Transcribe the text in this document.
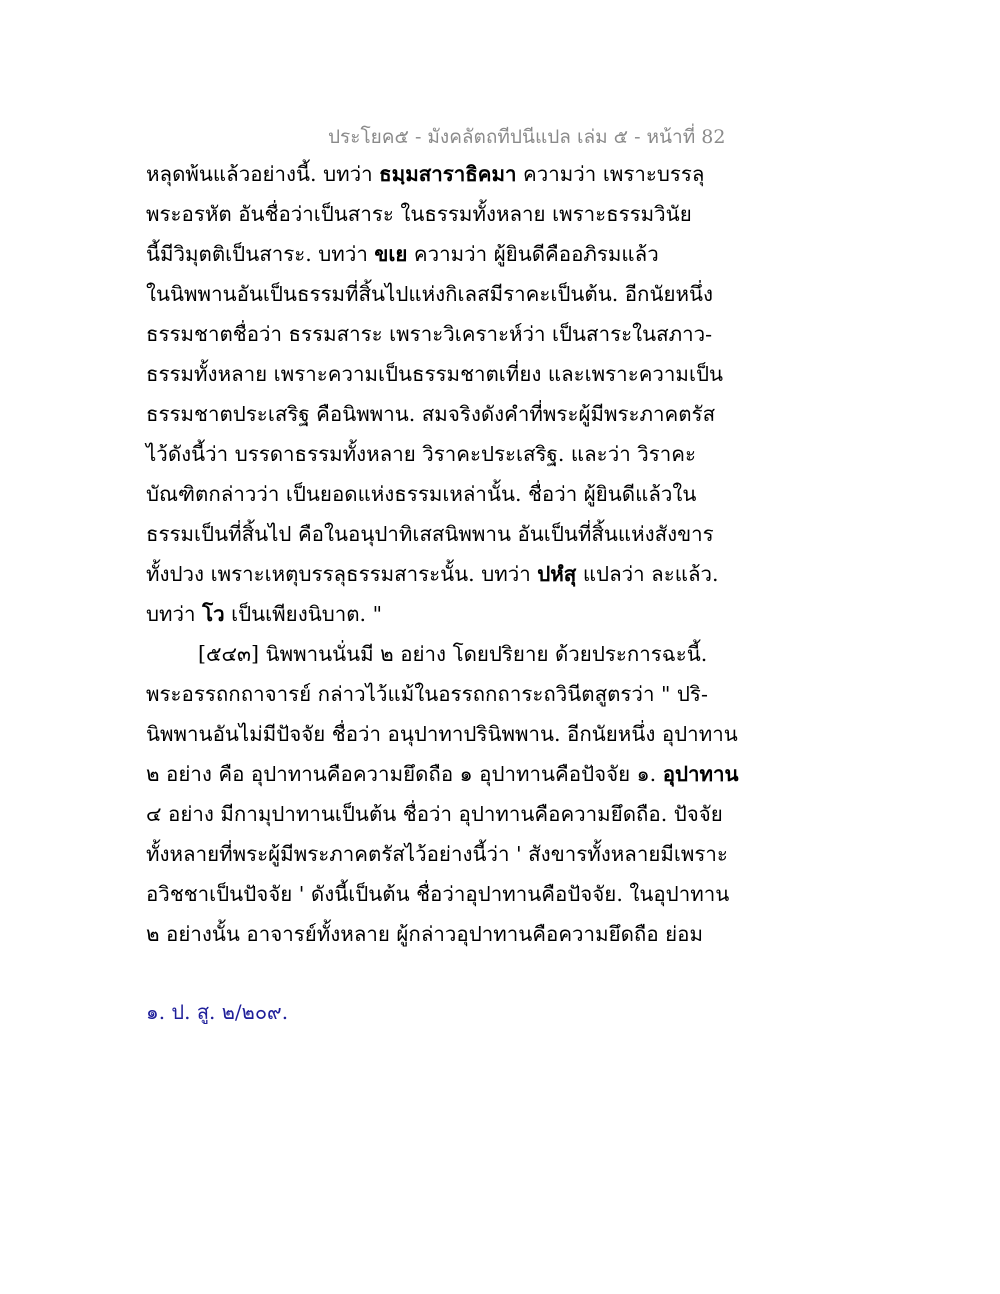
ประโยค๕ - มังคลัตถทีปนีแปล เล่ม ๕ - หน้าที่ 82
หลุดพ้นแล้วอย่างนี้. บทว่า ธมฺมสาราธิคมา ความว่า เพราะบรรลุ
พระอรหัต อันชื่อว่าเป็นสาระ ในธรรมทั้งหลาย เพราะธรรมวินัย
นี้มีวิมุตติเป็นสาระ. บทว่า ขเย ความว่า ผู้ยินดีคืออภิรมแล้ว
ในนิพพานอันเป็นธรรมที่สิ้นไปแห่งกิเลสมีราคะเป็นต้น. อีกนัยหนึ่ง
ธรรมชาตชื่อว่า ธรรมสาระ เพราะวิเคราะห์ว่า เป็นสาระในสภาว-
ธรรมทั้งหลาย เพราะความเป็นธรรมชาตเที่ยง และเพราะความเป็น
ธรรมชาตประเสริฐ คือนิพพาน. สมจริงดังคำที่พระผู้มีพระภาคตรัส
ไว้ดังนี้ว่า บรรดาธรรมทั้งหลาย วิราคะประเสริฐ. และว่า วิราคะ
บัณฑิตกล่าวว่า เป็นยอดแห่งธรรมเหล่านั้น. ชื่อว่า ผู้ยินดีแล้วใน
ธรรมเป็นที่สิ้นไป คือในอนุปาทิเสสนิพพาน อันเป็นที่สิ้นแห่งสังขาร
ทั้งปวง เพราะเหตุบรรลุธรรมสาระนั้น. บทว่า ปหํสุ แปลว่า ละแล้ว.
บทว่า โว เป็นเพียงนิบาต. "
[๕๔๓] นิพพานนั่นมี ๒ อย่าง โดยปริยาย ด้วยประการฉะนี้.
พระอรรถกถาจารย์ กล่าวไว้แม้ในอรรถกถาระถวินีตสูตรว่า " ปริ-
นิพพานอันไม่มีปัจจัย ชื่อว่า อนุปาทาปรินิพพาน. อีกนัยหนึ่ง อุปาทาน
๒ อย่าง คือ อุปาทานคือความยึดถือ ๑ อุปาทานคือปัจจัย ๑. อุปาทาน
๔ อย่าง มีกามุปาทานเป็นต้น ชื่อว่า อุปาทานคือความยึดถือ. ปัจจัย
ทั้งหลายที่พระผู้มีพระภาคตรัสไว้อย่างนี้ว่า ' สังขารทั้งหลายมีเพราะ
อวิชชาเป็นปัจจัย ' ดังนี้เป็นต้น ชื่อว่าอุปาทานคือปัจจัย. ในอุปาทาน
๒ อย่างนั้น อาจารย์ทั้งหลาย ผู้กล่าวอุปาทานคือความยึดถือ ย่อม
๑. ป. สู. ๒/๒๐๙.
